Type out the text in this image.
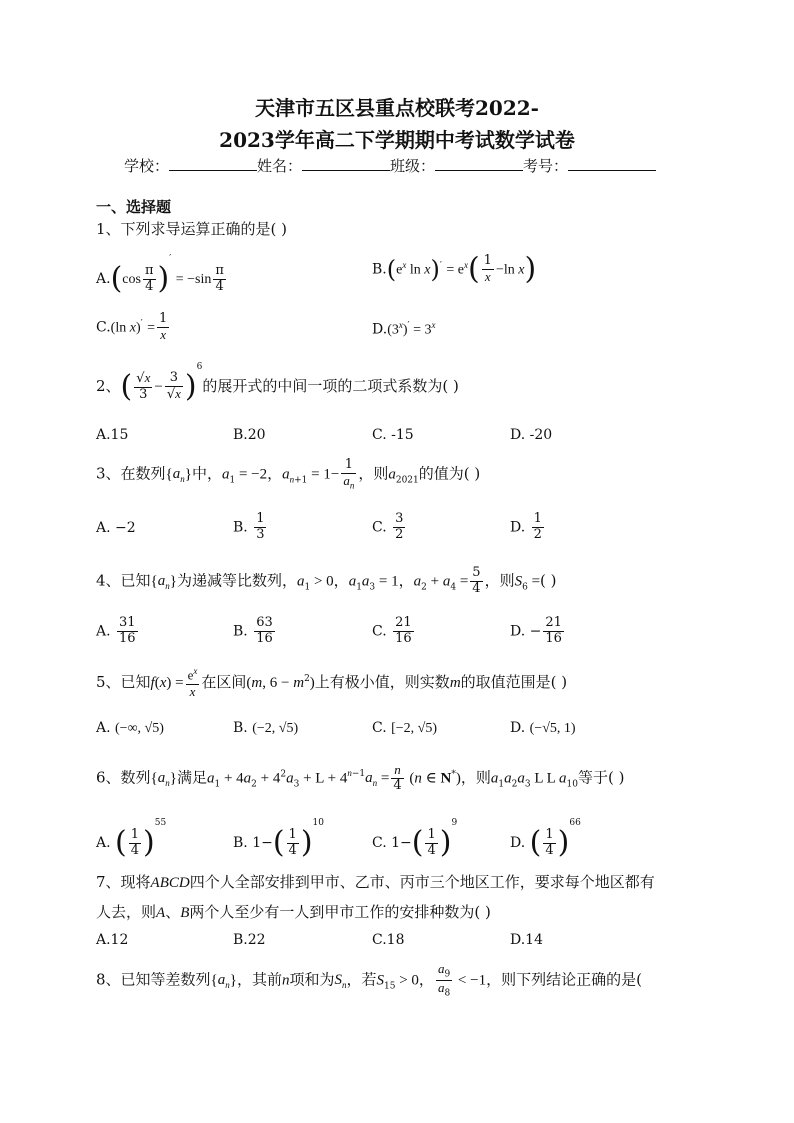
天津市五区县重点校联考2022-
2023学年高二下学期期中考试数学试卷
学校：	姓名：	班级：	考号：
一、选择题
1、下列求导运算正确的是( )
$A.(\cos \frac{\pi}{4} )' = -\sin \frac{\pi}{4}$	$B.(e^x$ $\ln x)' = e^x( \frac{1}{x} -\ln$ x)
C.(ln $x)' = \frac{1}{x}$	$D.(3^x)' = 3^x$
2、( $\frac{√x}{3} - \frac{3}{√x} )^6$的展开式的中间一项的二项式系数为( )
A.15	B.20	C. -15	D. -20
3、在数列$\{a_n\}$中，$a_1 = -2$，$a_{n+1} = 1- \frac{1}{a_n}$ ，则$a_{2021}$的值为( )
A. −2	B. $\frac{1}{3}$	C. $\frac{3}{2}$	D. $\frac{1}{2}$
4、已知$\{a_n\}$为递减等比数列，$a_1 > 0$，$a_1a_3 = 1$，$a_2 + a_4 = \frac{5}{4}$ ，则$S_6$ =( )
A. $\frac{31}{16}$	B. $\frac{63}{16}$	C. $\frac{21}{16}$	D. − $\frac{21}{16}$
5、已知$f(x) = \frac{e^x}{x}$ 在区间(m, $6 - m^2$)上有极小值，则实数m的取值范围是( )
A. (−∞, √5)	B. (−2, √5)	C. [−2, √5)	D. (−√5, 1)
6、数列$\{a_n\}$满足$a_1 + 4a_2 + 4^2a_3 + L + 4^{n-1}a_n = \frac{n}{4} (n$ ∈ N*)，则$a_1a_2a_3$ L L $a_{10}$等于( )
A. ( $\frac{1}{4} )^{55}$
B. $1-( \frac{1}{4} )^{10}$
C. $1-( \frac{1}{4} )^9$
D. ( $\frac{1}{4} )^{66}$
7、现将ABCD四个人全部安排到甲市、乙市、丙市三个地区工作，要求每个地区都有
人去，则A、B两个人至少有一人到甲市工作的安排种数为( )
A.12	B.22	C.18	D.14
8、已知等差数列$\{a_n\}$，其前n项和为$S_n$，若$S_{15} > 0$， $\frac{a_9}{a_8} < -1$，则下列结论正确的是(
